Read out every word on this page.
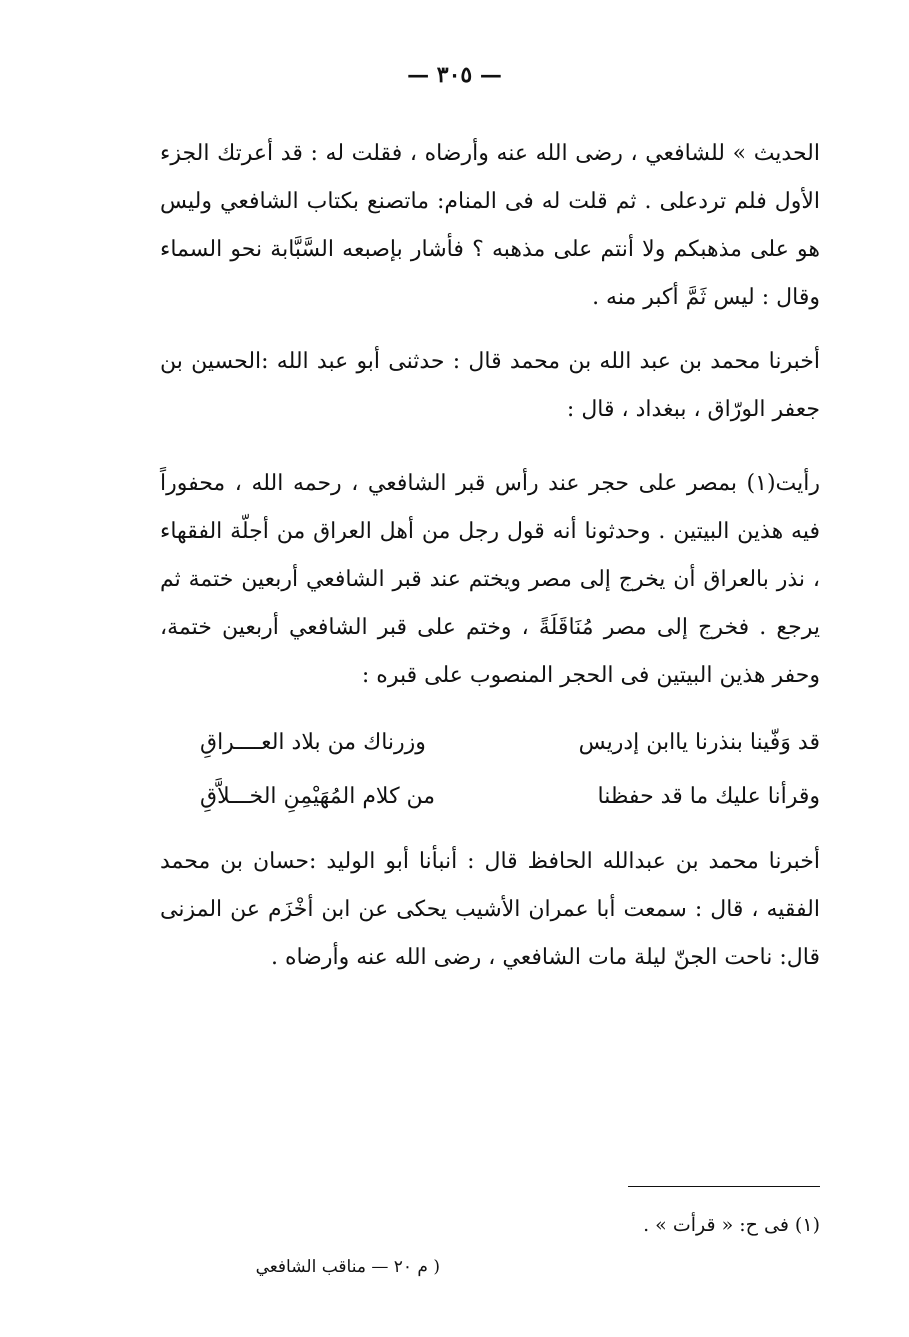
— ٣٠٥ —

الحديث » للشافعي ، رضى الله عنه وأرضاه ، فقلت له : قد أعرتك الجزء الأول فلم تردعلى . ثم قلت له فى المنام: ماتصنع بكتاب الشافعي وليس هو على مذهبكم ولا أنتم على مذهبه ؟ فأشار بإصبعه السَّبَّابة نحو السماء وقال : ليس ثَمَّ أكبر منه .

أخبرنا محمد بن عبد الله بن محمد قال : حدثنى أبو عبد الله :الحسين بن جعفر الورّاق ، ببغداد ، قال :

رأيت(١) بمصر على حجر عند رأس قبر الشافعي ، رحمه الله ، محفوراً فيه هذين البيتين . وحدثونا أنه قول رجل من أهل العراق من أجلّة الفقهاء ، نذر بالعراق أن يخرج إلى مصر ويختم عند قبر الشافعي أربعين ختمة ثم يرجع . فخرج إلى مصر مُنَاقَلَةً ، وختم على قبر الشافعي أربعين ختمة، وحفر هذين البيتين فى الحجر المنصوب على قبره :

قد وَفّينا بنذرنا ياابن إدريس
وزرناك من بلاد العــــراقِ
وقرأنا عليك ما قد حفظنا
من كلام المُهَيْمِنِ الخـــلاَّقِ

أخبرنا محمد بن عبدالله الحافظ قال : أنبأنا أبو الوليد :حسان بن محمد الفقيه ، قال : سمعت أبا عمران الأشيب يحكى عن ابن أخْزَم عن المزنى قال: ناحت الجنّ ليلة مات الشافعي ، رضى الله عنه وأرضاه .

(١) فى ح: « قرأت » .
( م ٢٠ — مناقب الشافعي
